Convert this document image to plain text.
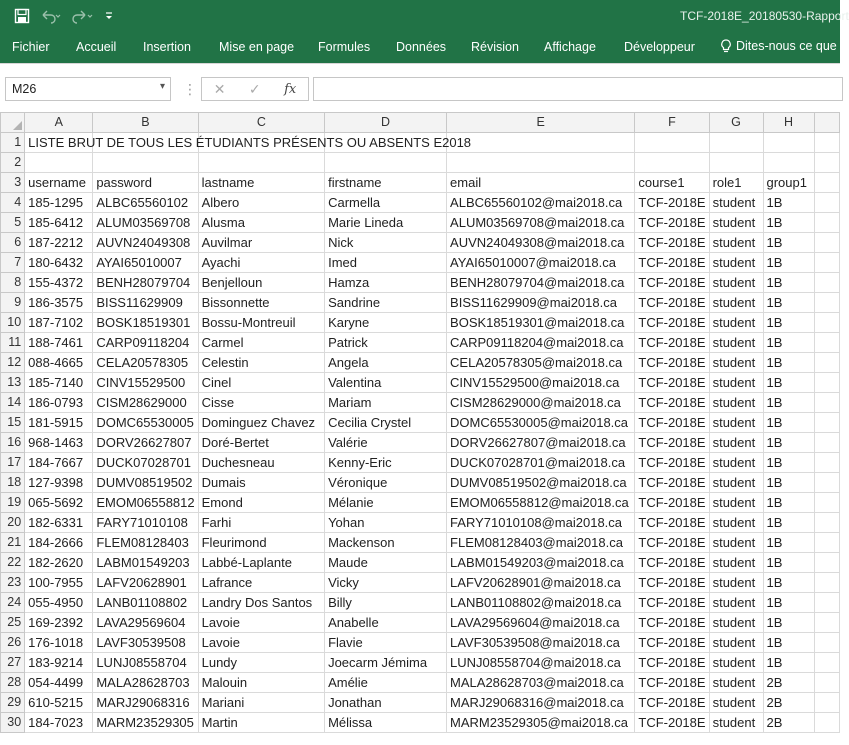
TCF-2018E_20180530-Rapport
Fichier Accueil Insertion Mise en page Formules Données Révision Affichage Développeur	Dites-nous ce que v
M26	▾ ⋮ ✕ ✓ fx
	A	B	C	D	E	F	G	H	
1	LISTE BRUT DE TOUS LES ÉTUDIANTS PRÉSENTS OU ABSENTS E2018								

2									
3	username	password	lastname	firstname	email	course1	role1	group1	
4	185-1295	ALBC65560102	Albero	Carmella	ALBC65560102@mai2018.ca	TCF-2018E	student	1B	
5	185-6412	ALUM03569708	Alusma	Marie Lineda	ALUM03569708@mai2018.ca	TCF-2018E	student	1B	
6	187-2212	AUVN24049308	Auvilmar	Nick	AUVN24049308@mai2018.ca	TCF-2018E	student	1B	
7	180-6432	AYAI65010007	Ayachi	Imed	AYAI65010007@mai2018.ca	TCF-2018E	student	1B	
8	155-4372	BENH28079704	Benjelloun	Hamza	BENH28079704@mai2018.ca	TCF-2018E	student	1B	
9	186-3575	BISS11629909	Bissonnette	Sandrine	BISS11629909@mai2018.ca	TCF-2018E	student	1B	
10	187-7102	BOSK18519301	Bossu-Montreuil	Karyne	BOSK18519301@mai2018.ca	TCF-2018E	student	1B	
11	188-7461	CARP09118204	Carmel	Patrick	CARP09118204@mai2018.ca	TCF-2018E	student	1B	
12	088-4665	CELA20578305	Celestin	Angela	CELA20578305@mai2018.ca	TCF-2018E	student	1B	
13	185-7140	CINV15529500	Cinel	Valentina	CINV15529500@mai2018.ca	TCF-2018E	student	1B	
14	186-0793	CISM28629000	Cisse	Mariam	CISM28629000@mai2018.ca	TCF-2018E	student	1B	
15	181-5915	DOMC65530005	Dominguez Chavez	Cecilia Crystel	DOMC65530005@mai2018.ca	TCF-2018E	student	1B	
16	968-1463	DORV26627807	Doré-Bertet	Valérie	DORV26627807@mai2018.ca	TCF-2018E	student	1B	
17	184-7667	DUCK07028701	Duchesneau	Kenny-Eric	DUCK07028701@mai2018.ca	TCF-2018E	student	1B	
18	127-9398	DUMV08519502	Dumais	Véronique	DUMV08519502@mai2018.ca	TCF-2018E	student	1B	
19	065-5692	EMOM06558812	Emond	Mélanie	EMOM06558812@mai2018.ca	TCF-2018E	student	1B	
20	182-6331	FARY71010108	Farhi	Yohan	FARY71010108@mai2018.ca	TCF-2018E	student	1B	
21	184-2666	FLEM08128403	Fleurimond	Mackenson	FLEM08128403@mai2018.ca	TCF-2018E	student	1B	
22	182-2620	LABM01549203	Labbé-Laplante	Maude	LABM01549203@mai2018.ca	TCF-2018E	student	1B	
23	100-7955	LAFV20628901	Lafrance	Vicky	LAFV20628901@mai2018.ca	TCF-2018E	student	1B	
24	055-4950	LANB01108802	Landry Dos Santos	Billy	LANB01108802@mai2018.ca	TCF-2018E	student	1B	
25	169-2392	LAVA29569604	Lavoie	Anabelle	LAVA29569604@mai2018.ca	TCF-2018E	student	1B	
26	176-1018	LAVF30539508	Lavoie	Flavie	LAVF30539508@mai2018.ca	TCF-2018E	student	1B	
27	183-9214	LUNJ08558704	Lundy	Joecarm Jémima	LUNJ08558704@mai2018.ca	TCF-2018E	student	1B	
28	054-4499	MALA28628703	Malouin	Amélie	MALA28628703@mai2018.ca	TCF-2018E	student	2B	
29	610-5215	MARJ29068316	Mariani	Jonathan	MARJ29068316@mai2018.ca	TCF-2018E	student	2B	
30	184-7023	MARM23529305	Martin	Mélissa	MARM23529305@mai2018.ca	TCF-2018E	student	2B	
